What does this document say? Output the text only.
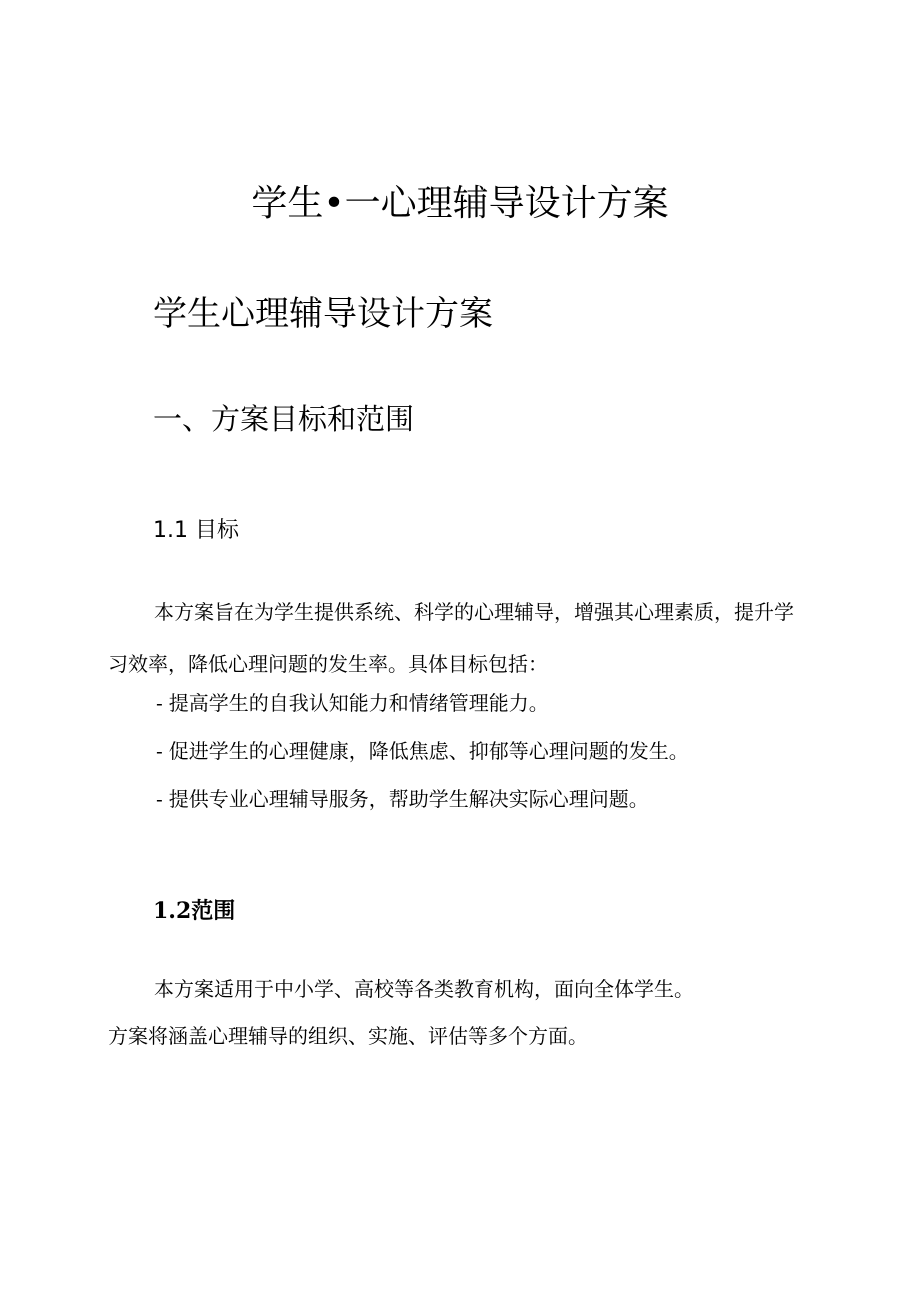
学生•一心理辅导设计方案
学生心理辅导设计方案
一、方案目标和范围
1.1 目标

本方案旨在为学生提供系统、科学的心理辅导，增强其心理素质，提升学习效率，降低心理问题的发生率。具体目标包括：

- 提高学生的自我认知能力和情绪管理能力。
- 促进学生的心理健康，降低焦虑、抑郁等心理问题的发生。
- 提供专业心理辅导服务，帮助学生解决实际心理问题。
1.2范围

本方案适用于中小学、高校等各类教育机构，面向全体学生。

方案将涵盖心理辅导的组织、实施、评估等多个方面。
